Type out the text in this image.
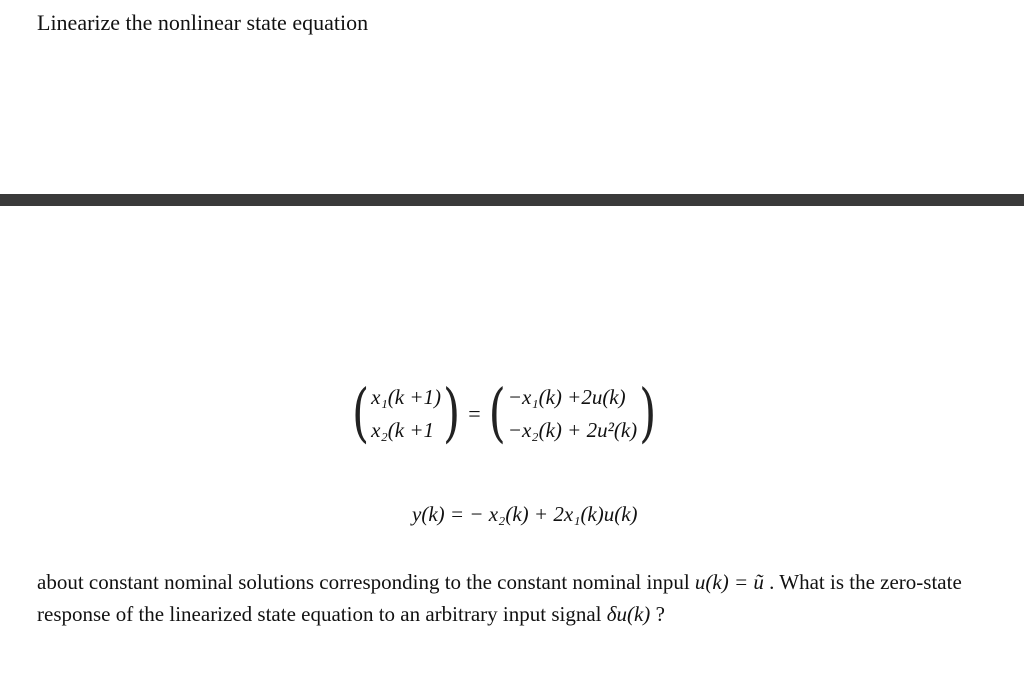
Linearize the nonlinear state equation
( x₁(k +1)
x₂(k +1 ) = ( −x₁(k) +2u(k)
−x₂(k) + 2u²(k) )
y(k) = − x₂(k) + 2x₁(k)u(k)

about constant nominal solutions corresponding to the constant nominal inpul u(k) = ũ . What is the zero-state response of the linearized state equation to an arbitrary input signal δu(k) ?
